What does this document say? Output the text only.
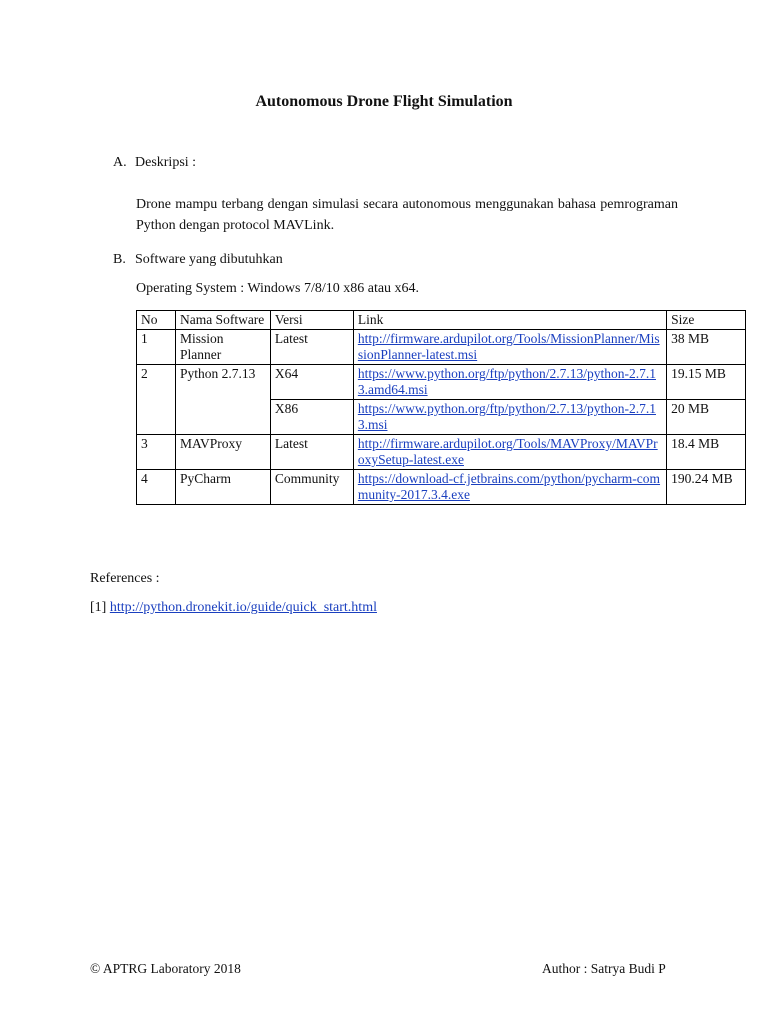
Autonomous Drone Flight Simulation
A. Deskripsi :
Drone mampu terbang dengan simulasi secara autonomous menggunakan bahasa pemrograman Python dengan protocol MAVLink.
B. Software yang dibutuhkan
Operating System : Windows 7/8/10 x86 atau x64.
No	Nama Software	Versi	Link	Size
1	Mission Planner	Latest	http://firmware.ardupilot.org/Tools/MissionPlanner/MissionPlanner-latest.msi	38 MB
2	Python 2.7.13	X64	https://www.python.org/ftp/python/2.7.13/python-2.7.13.amd64.msi	19.15 MB
		X86	https://www.python.org/ftp/python/2.7.13/python-2.7.13.msi	20 MB
3	MAVProxy	Latest	http://firmware.ardupilot.org/Tools/MAVProxy/MAVProxySetup-latest.exe	18.4 MB
4	PyCharm	Community	https://download-cf.jetbrains.com/python/pycharm-community-2017.3.4.exe	190.24 MB
References :
[1] http://python.dronekit.io/guide/quick_start.html
© APTRG Laboratory 2018	Author : Satrya Budi P
